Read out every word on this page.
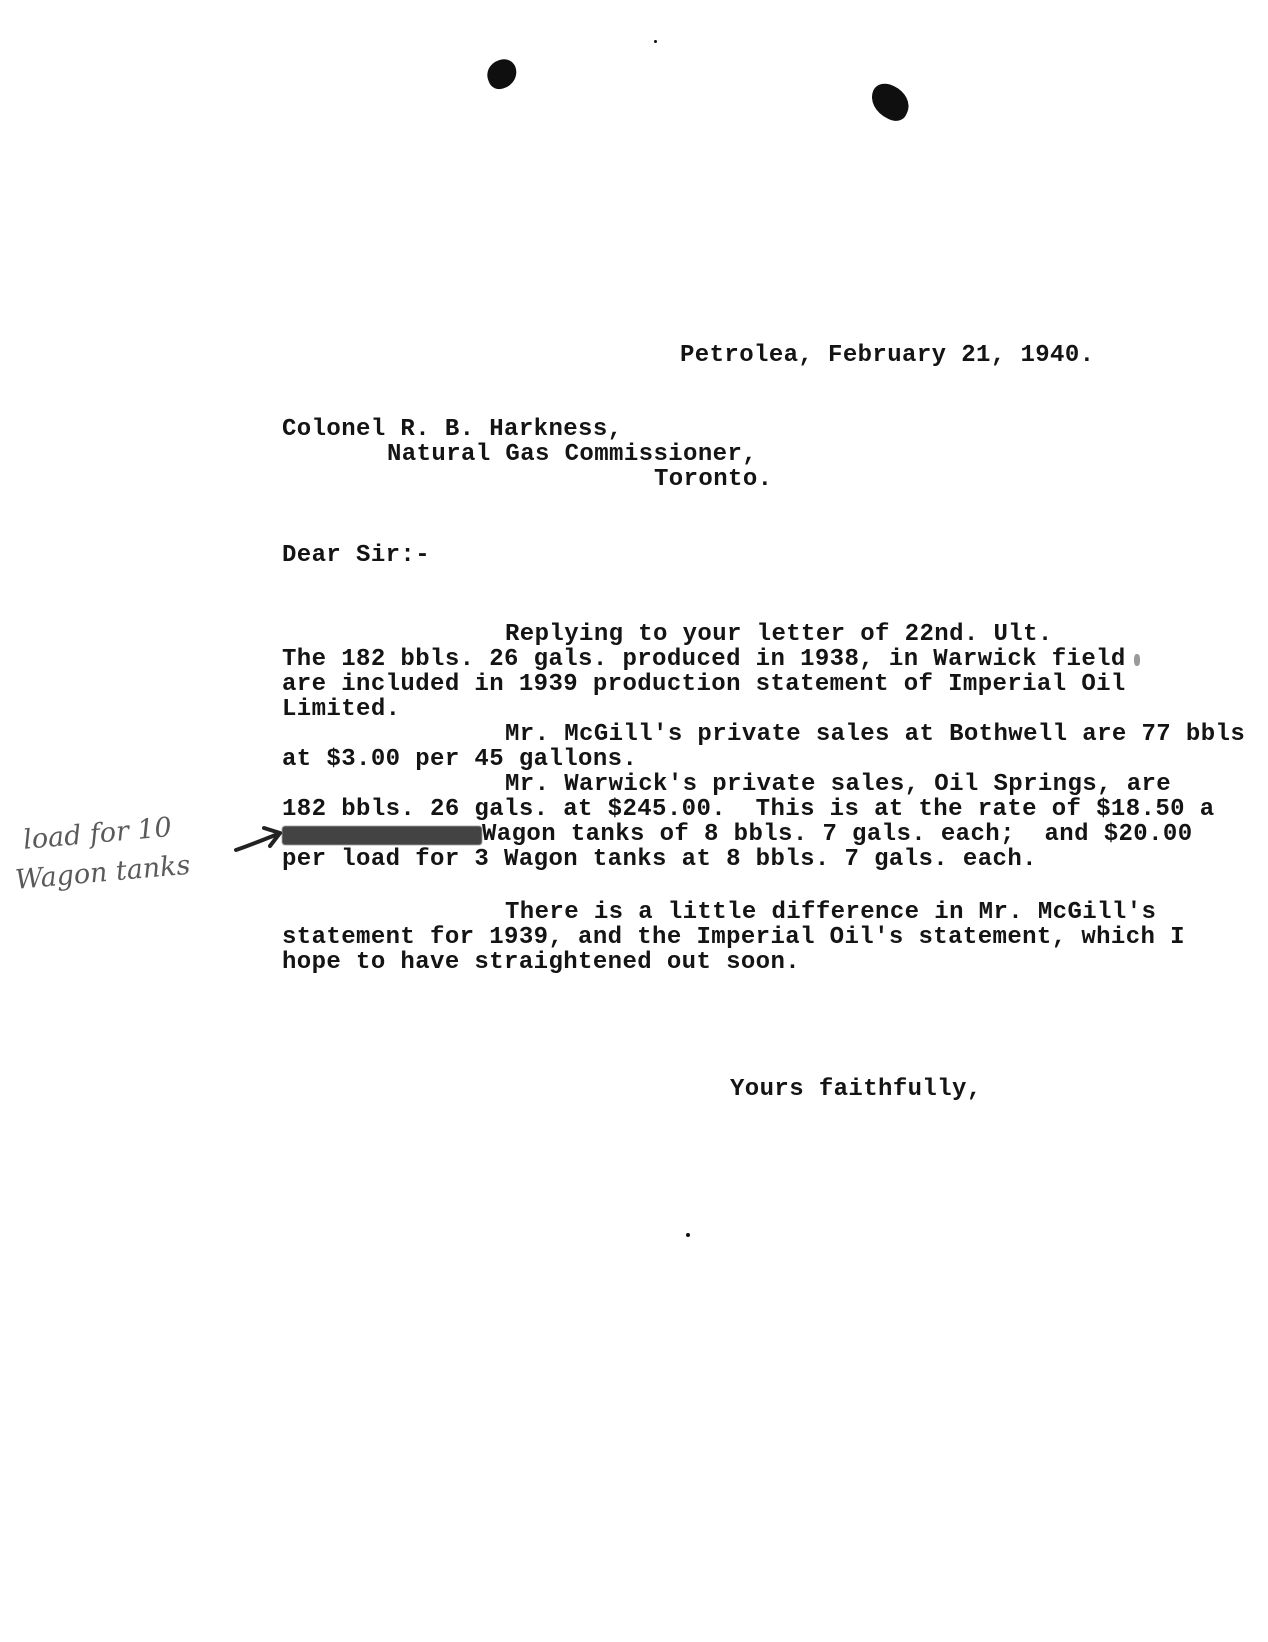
Petrolea, February 21, 1940.

Colonel R. B. Harkness,

Natural Gas Commissioner,

Toronto.

Dear Sir:-

Replying to your letter of 22nd. Ult.

The 182 bbls. 26 gals. produced in 1938, in Warwick field

are included in 1939 production statement of Imperial Oil

Limited.

Mr. McGill's private sales at Bothwell are 77 bbls

at $3.00 per 45 gallons.

Mr. Warwick's private sales, Oil Springs, are

182 bbls. 26 gals. at $245.00.  This is at the rate of $18.50 a

Wagon tanks of 8 bbls. 7 gals. each;  and $20.00

per load for 3 Wagon tanks at 8 bbls. 7 gals. each.

There is a little difference in Mr. McGill's

statement for 1939, and the Imperial Oil's statement, which I

hope to have straightened out soon.

Yours faithfully,

load for 10

Wagon tanks
